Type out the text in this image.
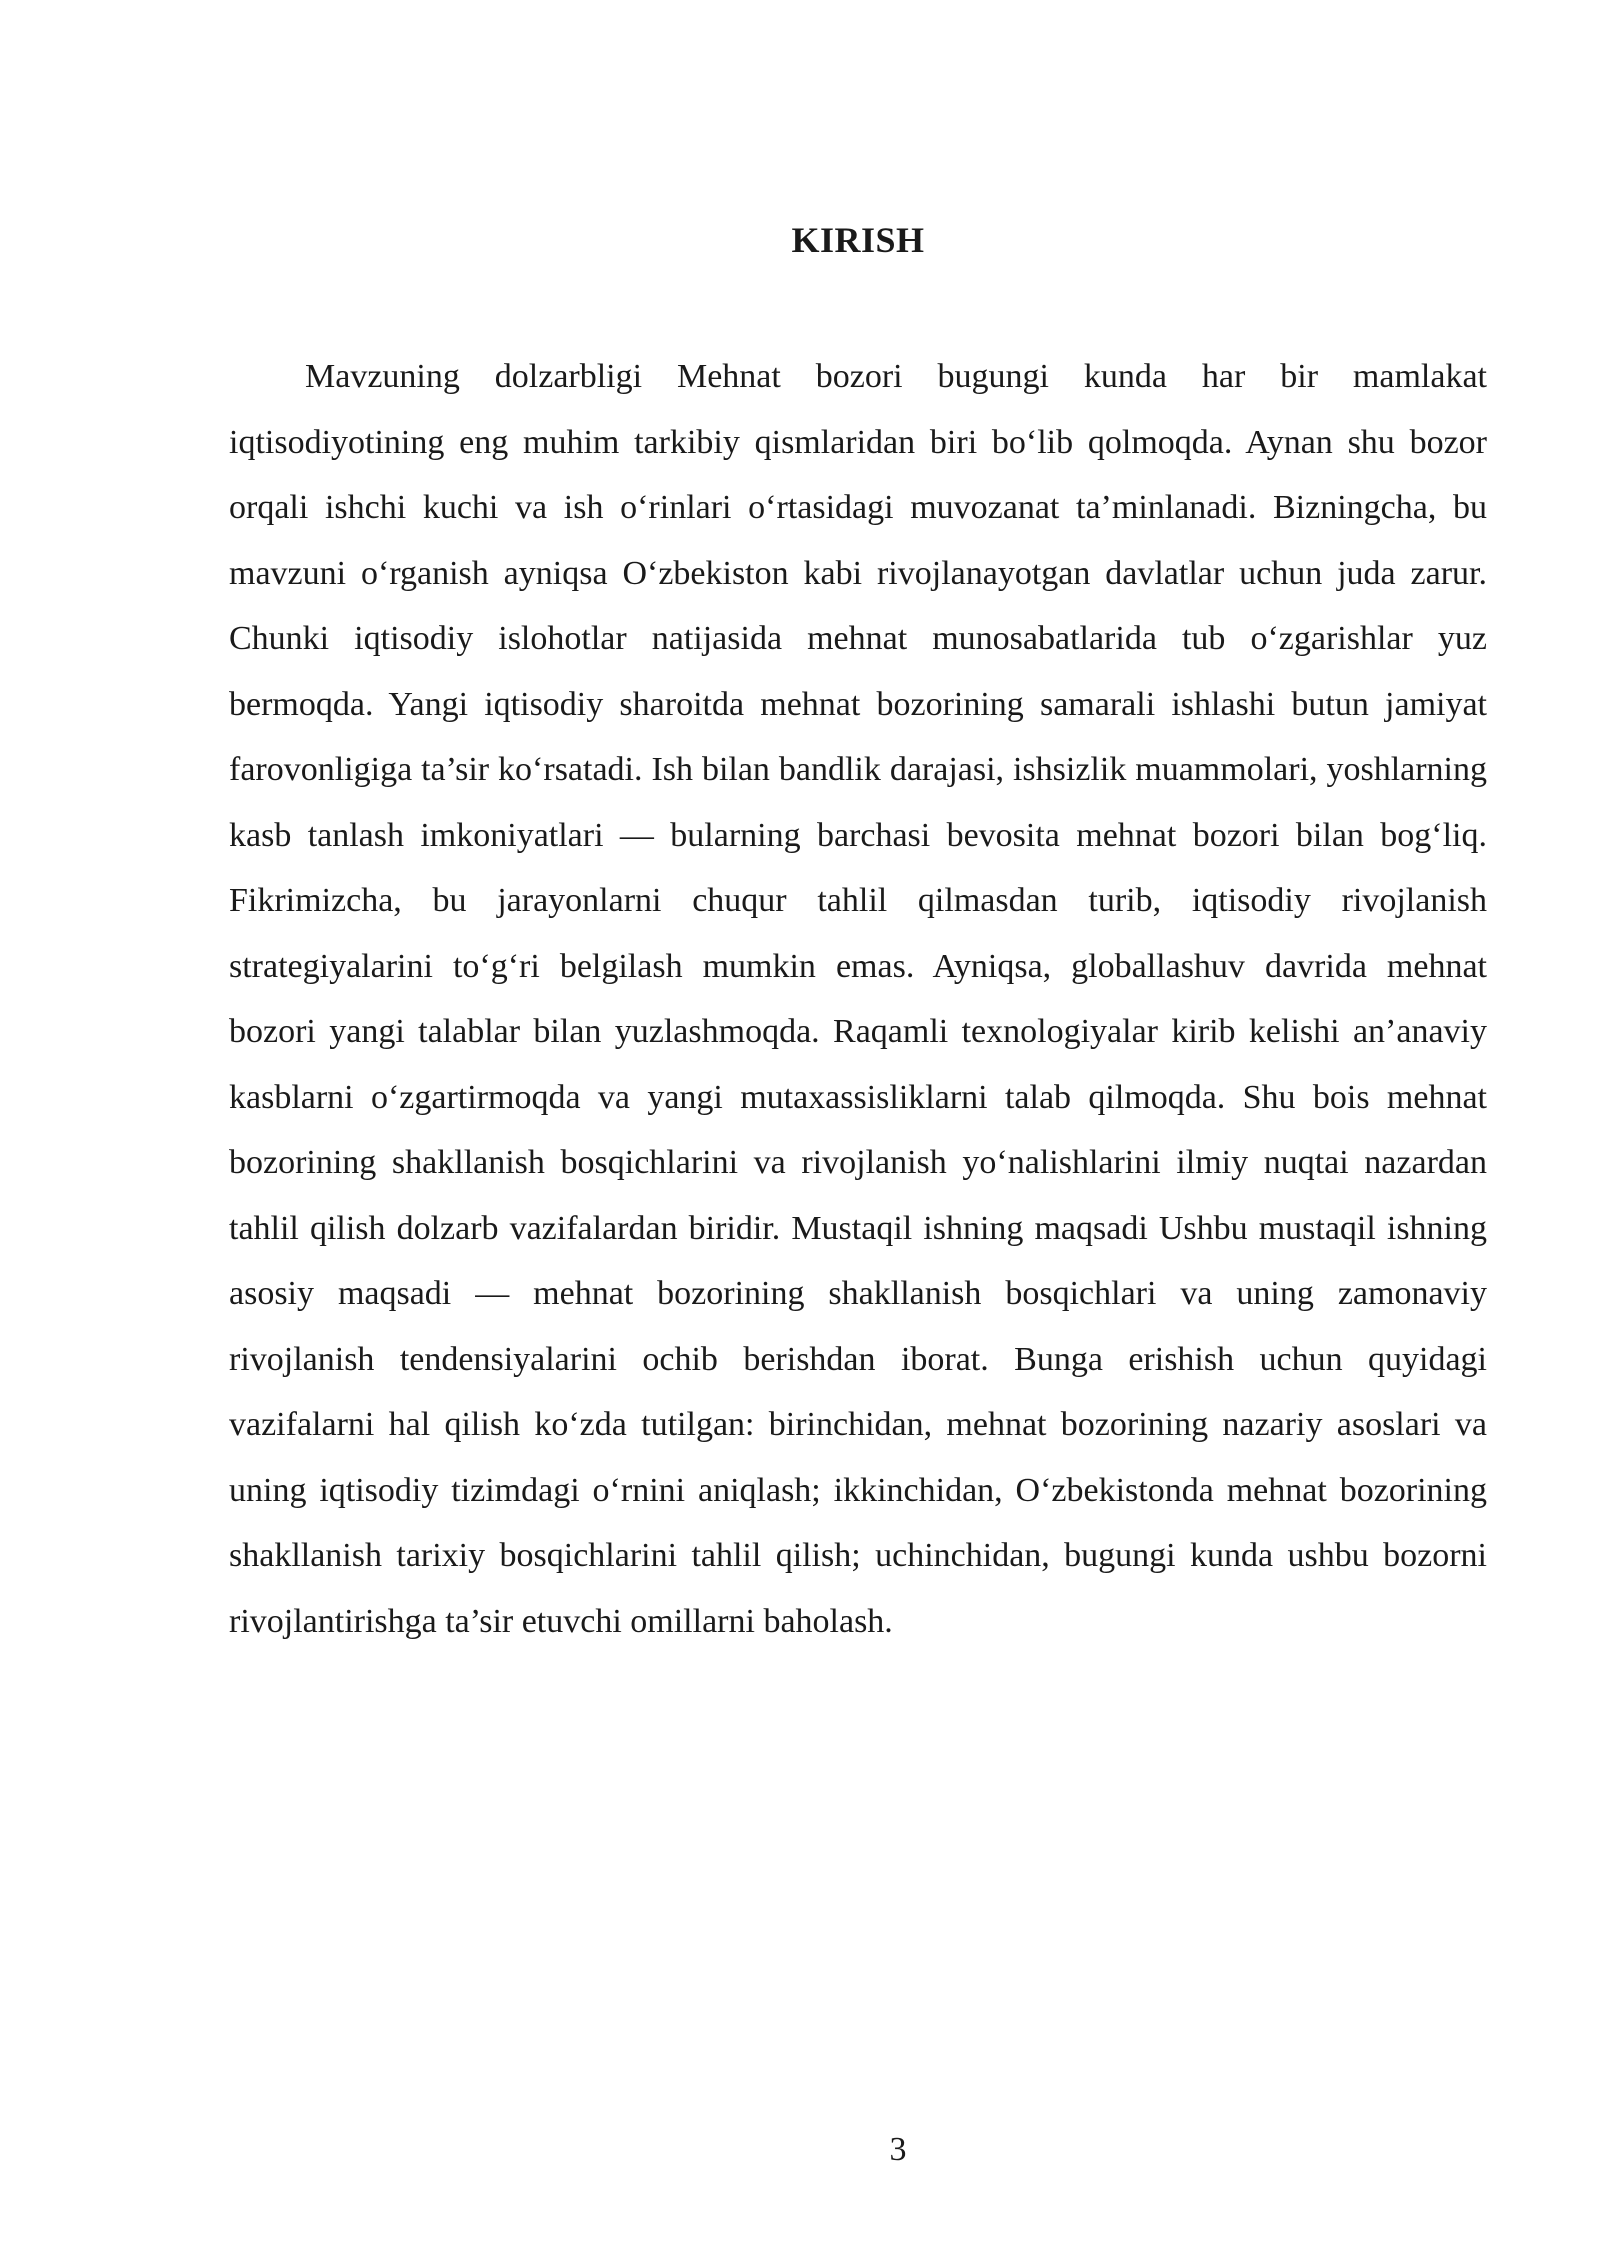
KIRISH

Mavzuning dolzarbligi Mehnat bozori bugungi kunda har bir mamlakat iqtisodiyotining eng muhim tarkibiy qismlaridan biri bo‘lib qolmoqda. Aynan shu bozor orqali ishchi kuchi va ish o‘rinlari o‘rtasidagi muvozanat ta’minlanadi. Bizningcha, bu mavzuni o‘rganish ayniqsa O‘zbekiston kabi rivojlanayotgan davlatlar uchun juda zarur. Chunki iqtisodiy islohotlar natijasida mehnat munosabatlarida tub o‘zgarishlar yuz bermoqda. Yangi iqtisodiy sharoitda mehnat bozorining samarali ishlashi butun jamiyat farovonligiga ta’sir ko‘rsatadi. Ish bilan bandlik darajasi, ishsizlik muammolari, yoshlarning kasb tanlash imkoniyatlari — bularning barchasi bevosita mehnat bozori bilan bog‘liq. Fikrimizcha, bu jarayonlarni chuqur tahlil qilmasdan turib, iqtisodiy rivojlanish strategiyalarini to‘g‘ri belgilash mumkin emas. Ayniqsa, globallashuv davrida mehnat bozori yangi talablar bilan yuzlashmoqda. Raqamli texnologiyalar kirib kelishi an’anaviy kasblarni o‘zgartirmoqda va yangi mutaxassisliklarni talab qilmoqda. Shu bois mehnat bozorining shakllanish bosqichlarini va rivojlanish yo‘nalishlarini ilmiy nuqtai nazardan tahlil qilish dolzarb vazifalardan biridir. Mustaqil ishning maqsadi Ushbu mustaqil ishning asosiy maqsadi — mehnat bozorining shakllanish bosqichlari va uning zamonaviy rivojlanish tendensiyalarini ochib berishdan iborat. Bunga erishish uchun quyidagi vazifalarni hal qilish ko‘zda tutilgan: birinchidan, mehnat bozorining nazariy asoslari va uning iqtisodiy tizimdagi o‘rnini aniqlash; ikkinchidan, O‘zbekistonda mehnat bozorining shakllanish tarixiy bosqichlarini tahlil qilish; uchinchidan, bugungi kunda ushbu bozorni rivojlantirishga ta’sir etuvchi omillarni baholash.

3
